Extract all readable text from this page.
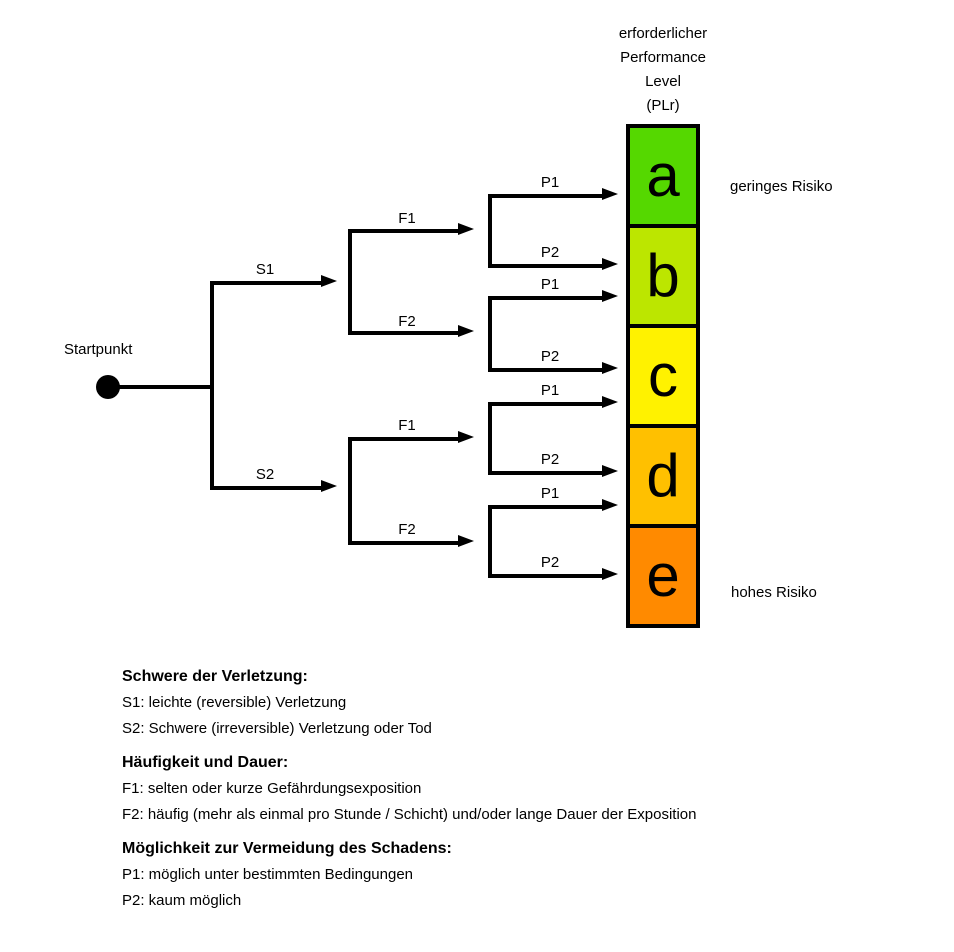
erforderlicher
Performance
Level
(PLr)
Startpunkt
S1
S2
F1
F2
F1
F2
P1
P2
P1
P2
P1
P2
P1
P2
a
b
c
d
e
geringes Risiko
hohes Risiko
Schwere der Verletzung:
S1: leichte (reversible) Verletzung
S2: Schwere (irreversible) Verletzung oder Tod
Häufigkeit und Dauer:
F1: selten oder kurze Gefährdungsexposition
F2: häufig (mehr als einmal pro Stunde / Schicht) und/oder lange Dauer der Exposition
Möglichkeit zur Vermeidung des Schadens:
P1: möglich unter bestimmten Bedingungen
P2: kaum möglich
